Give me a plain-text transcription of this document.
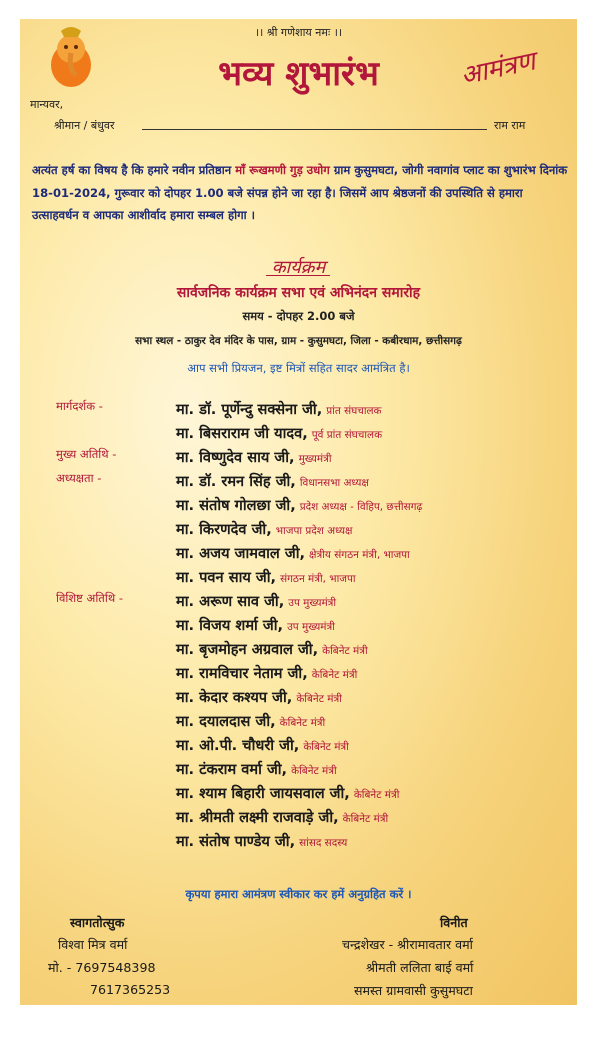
।। श्री गणेशाय नमः ।।
भव्य शुभारंभ	आमंत्रण
मान्यवर,
श्रीमान / बंधुवर	राम राम
अत्यंत हर्ष का विषय है कि हमारे नवीन प्रतिष्ठान माँ रूखमणी गुड़ उधोग ग्राम कुसुमघटा, जोगी नवागांव प्लाट का शुभारंभ दिनांक 18-01-2024, गुरूवार को दोपहर 1.00 बजे संपन्न होने जा रहा है। जिसमें आप श्रेष्ठजनों की उपस्थिति से हमारा उत्साहवर्धन व आपका आशीर्वाद हमारा सम्बल होगा ।
कार्यक्रम
सार्वजनिक कार्यक्रम सभा एवं अभिनंदन समारोह
समय - दोपहर 2.00 बजे
सभा स्थल - ठाकुर देव मंदिर के पास, ग्राम - कुसुमघटा, जिला - कबीरधाम, छत्तीसगढ़
आप सभी प्रियजन, इष्ट मित्रों सहित सादर आमंत्रित है।
मार्गदर्शक -	मा. डॉ. पूर्णेन्दु सक्सेना जी, प्रांत संघचालक
मा. बिसराराम जी यादव, पूर्व प्रांत संघचालक
मुख्य अतिथि -	मा. विष्णुदेव साय जी, मुख्यमंत्री
अध्यक्षता -	मा. डॉ. रमन सिंह जी, विधानसभा अध्यक्ष
मा. संतोष गोलछा जी, प्रदेश अध्यक्ष - विहिप, छत्तीसगढ़
मा. किरणदेव जी, भाजपा प्रदेश अध्यक्ष
मा. अजय जामवाल जी, क्षेत्रीय संगठन मंत्री, भाजपा
मा. पवन साय जी, संगठन मंत्री, भाजपा
विशिष्ट अतिथि -	मा. अरूण साव जी, उप मुख्यमंत्री
मा. विजय शर्मा जी, उप मुख्यमंत्री
मा. बृजमोहन अग्रवाल जी, केबिनेट मंत्री
मा. रामविचार नेताम जी, केबिनेट मंत्री
मा. केदार कश्यप जी, केबिनेट मंत्री
मा. दयालदास जी, केबिनेट मंत्री
मा. ओ.पी. चौधरी जी, केबिनेट मंत्री
मा. टंकराम वर्मा जी, केबिनेट मंत्री
मा. श्याम बिहारी जायसवाल जी, केबिनेट मंत्री
मा. श्रीमती लक्ष्मी राजवाड़े जी, केबिनेट मंत्री
मा. संतोष पाण्डेय जी, सांसद सदस्य
कृपया हमारा आमंत्रण स्वीकार कर हमें अनुग्रहित करें ।
स्वागतोत्सुक
विश्वा मित्र वर्मा
मो. - 7697548398
7617365253
विनीत
चन्द्रशेखर - श्रीरामावतार वर्मा
श्रीमती ललिता बाई वर्मा
समस्त ग्रामवासी कुसुमघटा
